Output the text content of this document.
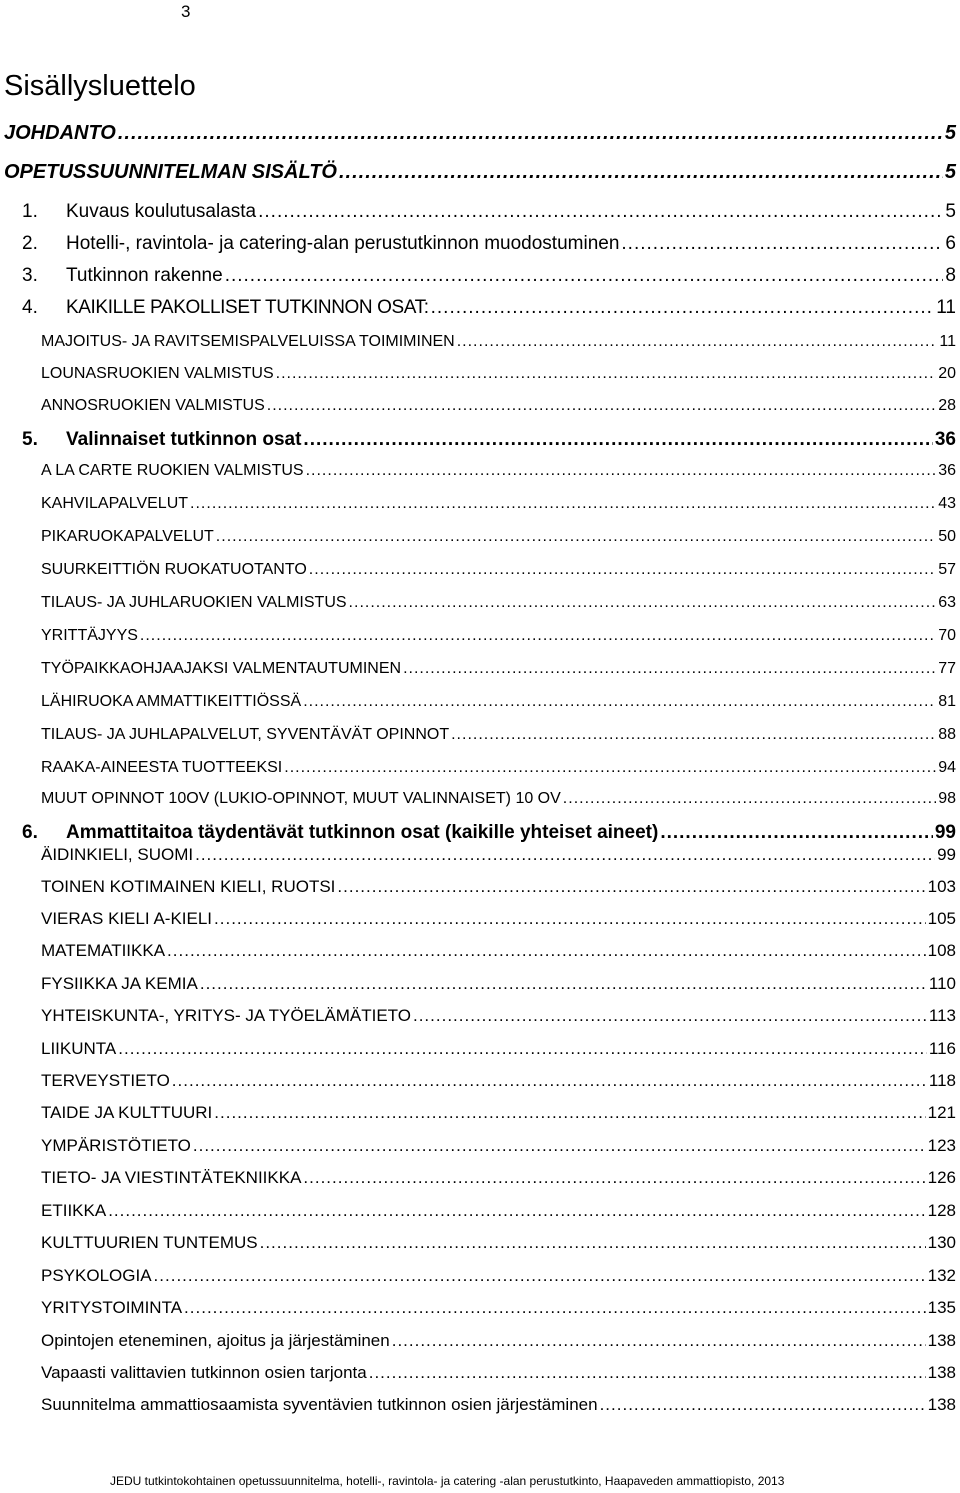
3
Sisällysluettelo
JOHDANTO .....	5
OPETUSSUUNNITELMAN SISÄLTÖ .....	5
1.	Kuvaus koulutusalasta .....	5
2.	Hotelli-, ravintola- ja catering-alan perustutkinnon muodostuminen .....	6
3.	Tutkinnon rakenne .....	8
4.	KAIKILLE PAKOLLISET TUTKINNON OSAT: .....	11
MAJOITUS- JA RAVITSEMISPALVELUISSA TOIMIMINEN .....	11
LOUNASRUOKIEN VALMISTUS .....	20
ANNOSRUOKIEN VALMISTUS .....	28
5.	Valinnaiset tutkinnon osat .....	36
A LA CARTE RUOKIEN VALMISTUS .....	36
KAHVILAPALVELUT .....	43
PIKARUOKAPALVELUT .....	50
SUURKEITTIÖN RUOKATUOTANTO .....	57
TILAUS- JA JUHLARUOKIEN VALMISTUS .....	63
YRITTÄJYYS .....	70
TYÖPAIKKAOHJAAJAKSI VALMENTAUTUMINEN .....	77
LÄHIRUOKA AMMATTIKEITTIÖSSÄ .....	81
TILAUS- JA JUHLAPALVELUT, SYVENTÄVÄT OPINNOT .....	88
RAAKA-AINEESTA TUOTTEEKSI .....	94
MUUT OPINNOT 10OV (LUKIO-OPINNOT, MUUT VALINNAISET) 10 OV .....	98
6.	Ammattitaitoa täydentävät tutkinnon osat (kaikille yhteiset aineet) .....	99
ÄIDINKIELI, SUOMI .....	99
TOINEN KOTIMAINEN KIELI, RUOTSI .....	103
VIERAS KIELI A-KIELI .....	105
MATEMATIIKKA .....	108
FYSIIKKA JA KEMIA .....	110
YHTEISKUNTA-, YRITYS- JA TYÖELÄMÄTIETO .....	113
LIIKUNTA .....	116
TERVEYSTIETO .....	118
TAIDE JA KULTTUURI .....	121
YMPÄRISTÖTIETO .....	123
TIETO- JA VIESTINTÄTEKNIIKKA .....	126
ETIIKKA .....	128
KULTTUURIEN TUNTEMUS .....	130
PSYKOLOGIA .....	132
YRITYSTOIMINTA .....	135
Opintojen eteneminen, ajoitus ja järjestäminen .....	138
Vapaasti valittavien tutkinnon osien tarjonta .....	138
Suunnitelma ammattiosaamista syventävien tutkinnon osien järjestäminen .....	138
JEDU tutkintokohtainen opetussuunnitelma, hotelli-, ravintola- ja catering -alan perustutkinto, Haapaveden ammattiopisto, 2013
